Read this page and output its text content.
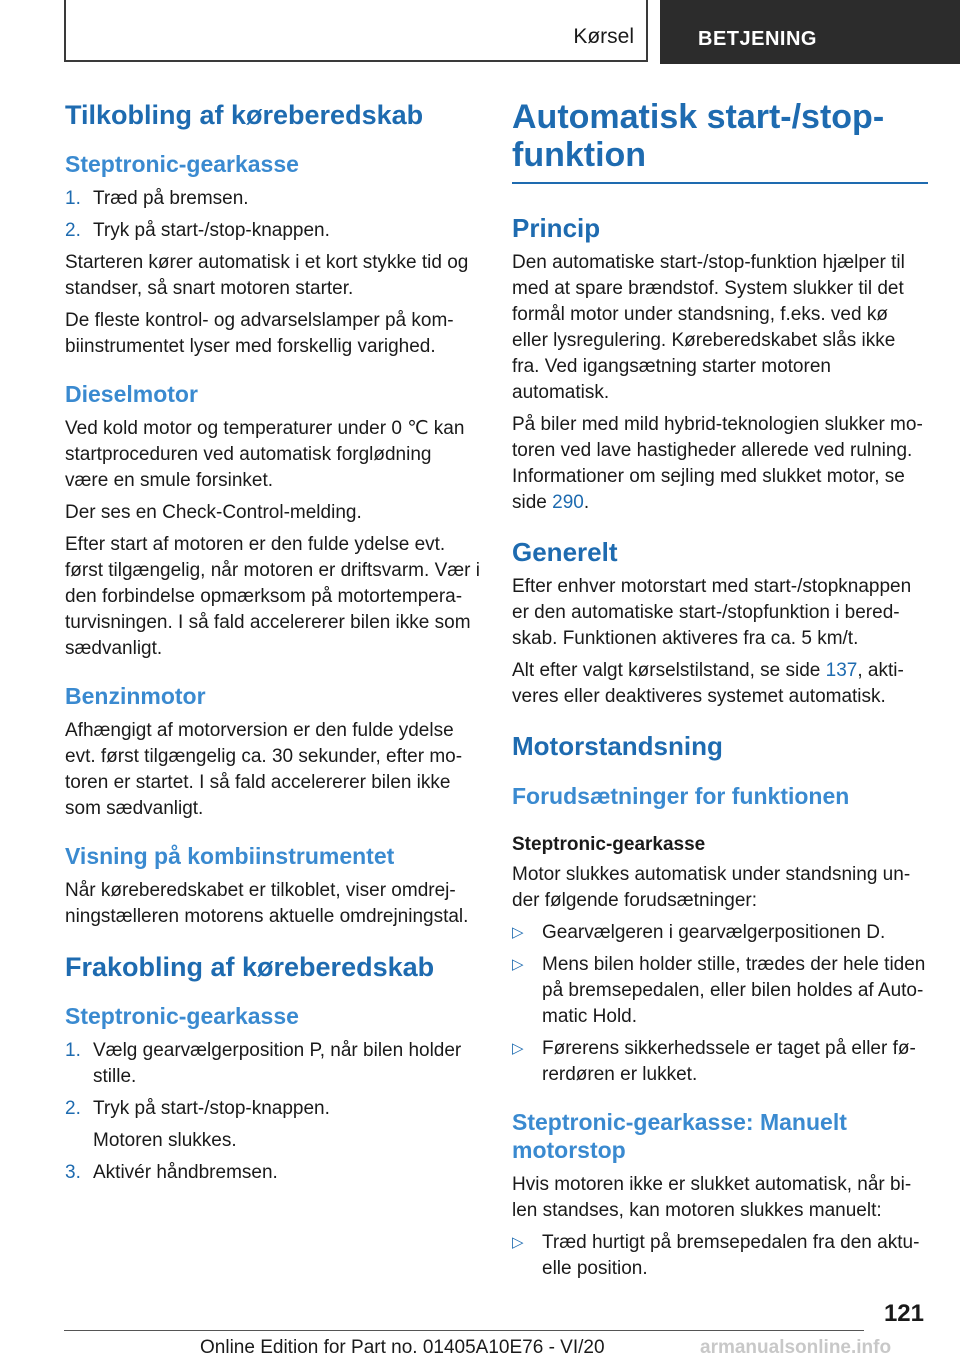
Kørsel	BETJENING
Tilkobling af køreberedskab
Steptronic-gearkasse
1. Træd på bremsen.
2. Tryk på start-/stop-knappen.

Starteren kører automatisk i et kort stykke tid og standser, så snart motoren starter.

De fleste kontrol- og advarselslamper på kombiinstrumentet lyser med forskellig varighed.

Dieselmotor

Ved kold motor og temperaturer under 0 ℃ kan startproceduren ved automatisk forglødning være en smule forsinket.

Der ses en Check-Control-melding.

Efter start af motoren er den fulde ydelse evt. først tilgængelig, når motoren er driftsvarm. Vær i den forbindelse opmærksom på motortemperaturvisningen. I så fald accelererer bilen ikke som sædvanligt.

Benzinmotor

Afhængigt af motorversion er den fulde ydelse evt. først tilgængelig ca. 30 sekunder, efter motoren er startet. I så fald accelererer bilen ikke som sædvanligt.

Visning på kombiinstrumentet

Når køreberedskabet er tilkoblet, viser omdrejningstælleren motorens aktuelle omdrejningstal.

Frakobling af køreberedskab
Steptronic-gearkasse
1. Vælg gearvælgerposition P, når bilen holder stille.
2. Tryk på start-/stop-knappen.
Motoren slukkes.
3. Aktivér håndbremsen.
Automatisk start-/stop-funktion
Princip

Den automatiske start-/stop-funktion hjælper til med at spare brændstof. System slukker til det formål motor under standsning, f.eks. ved kø eller lysregulering. Køreberedskabet slås ikke fra. Ved igangsætning starter motoren automatisk.

På biler med mild hybrid-teknologien slukker motoren ved lave hastigheder allerede ved rulning. Informationer om sejling med slukket motor, se side 290.

Generelt

Efter enhver motorstart med start-/stopknappen er den automatiske start-/stopfunktion i beredskab. Funktionen aktiveres fra ca. 5 km/t.

Alt efter valgt kørselstilstand, se side 137, aktiveres eller deaktiveres systemet automatisk.

Motorstandsning
Forudsætninger for funktionen
Steptronic-gearkasse

Motor slukkes automatisk under standsning under følgende forudsætninger:

▷ Gearvælgeren i gearvælgerpositionen D.
▷ Mens bilen holder stille, trædes der hele tiden på bremsepedalen, eller bilen holdes af Automatic Hold.
▷ Førerens sikkerhedssele er taget på eller førerdøren er lukket.
Steptronic-gearkasse: Manuelt motorstop

Hvis motoren ikke er slukket automatisk, når bilen standses, kan motoren slukkes manuelt:

▷ Træd hurtigt på bremsepedalen fra den aktuelle position.
121
Online Edition for Part no. 01405A10E76 - VI/20	armanualsonline.info
